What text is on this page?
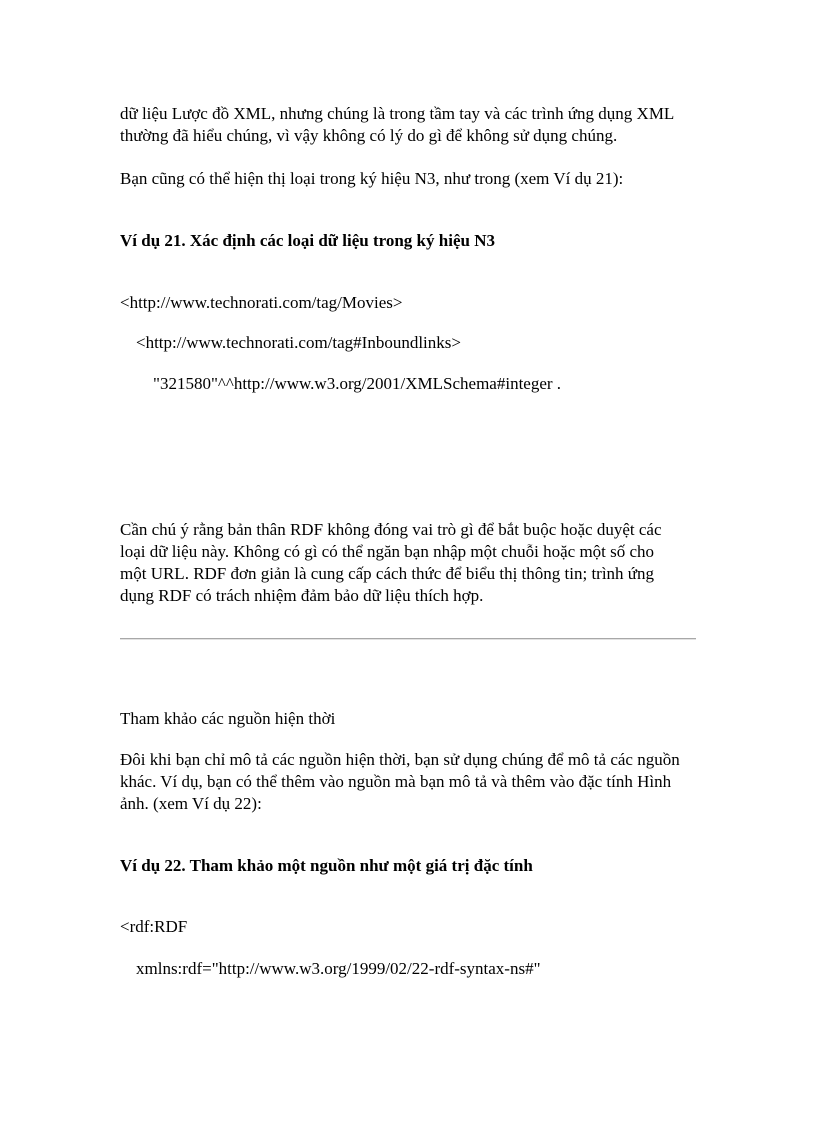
dữ liệu Lược đồ XML, nhưng chúng là trong tầm tay và các trình ứng dụng XML
thường đã hiểu chúng, vì vậy không có lý do gì để không sử dụng chúng.

Bạn cũng có thể hiện thị loại trong ký hiệu N3, như trong (xem Ví dụ 21):

Ví dụ 21. Xác định các loại dữ liệu trong ký hiệu N3

<http://www.technorati.com/tag/Movies>

<http://www.technorati.com/tag#Inboundlinks>

"321580"^^http://www.w3.org/2001/XMLSchema#integer .

Cần chú ý rằng bản thân RDF không đóng vai trò gì để bắt buộc hoặc duyệt các
loại dữ liệu này. Không có gì có thể ngăn bạn nhập một chuỗi hoặc một số cho
một URL. RDF đơn giản là cung cấp cách thức để biểu thị thông tin; trình ứng
dụng RDF có trách nhiệm đảm bảo dữ liệu thích hợp.

Tham khảo các nguồn hiện thời

Đôi khi bạn chỉ mô tả các nguồn hiện thời, bạn sử dụng chúng để mô tả các nguồn
khác. Ví dụ, bạn có thể thêm vào nguồn mà bạn mô tả và thêm vào đặc tính Hình
ảnh. (xem Ví dụ 22):

Ví dụ 22. Tham khảo một nguồn như một giá trị đặc tính

<rdf:RDF

xmlns:rdf="http://www.w3.org/1999/02/22-rdf-syntax-ns#"
